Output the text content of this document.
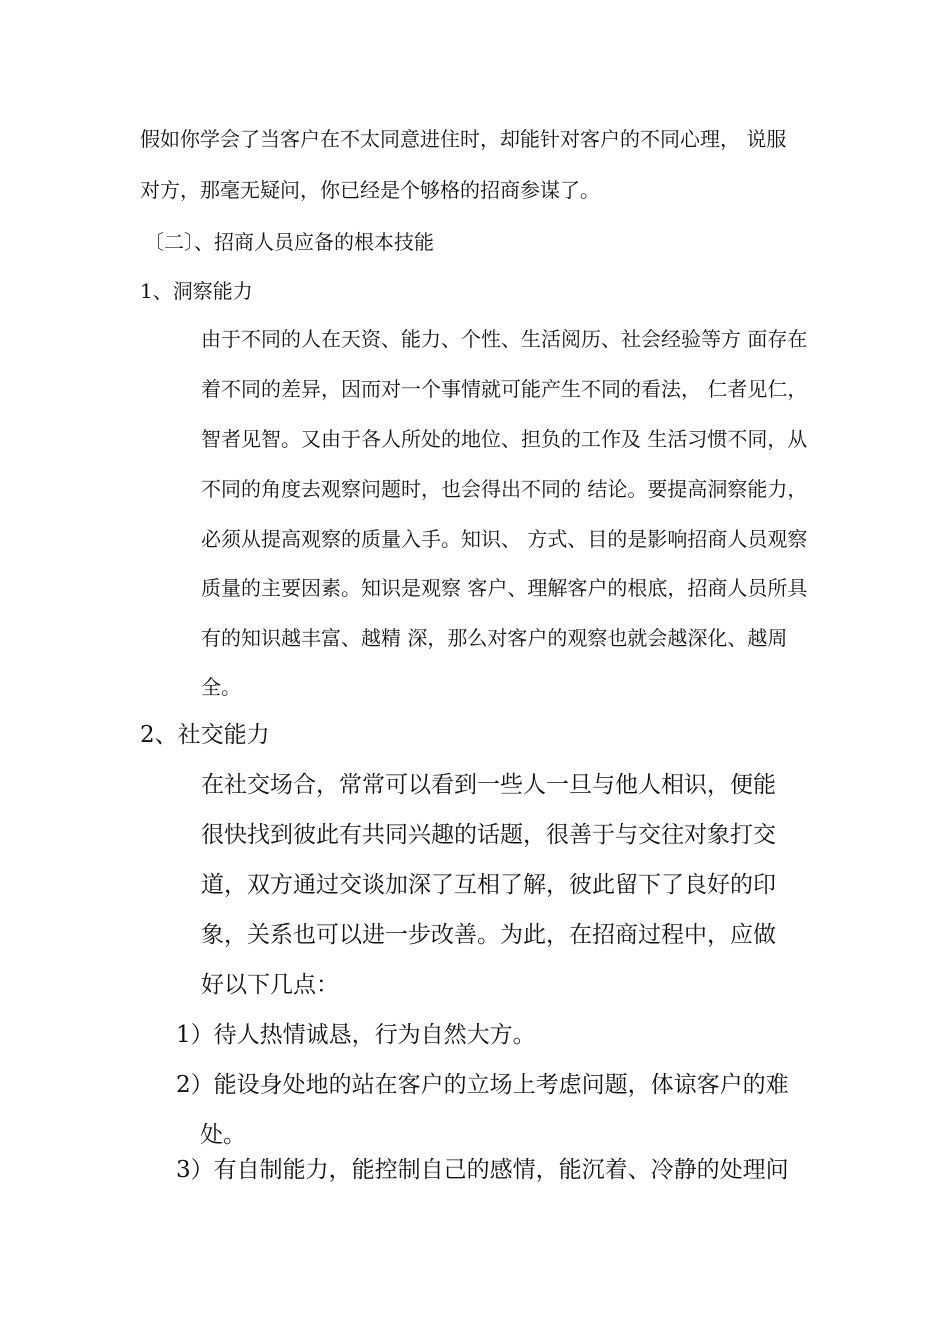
假如你学会了当客户在不太同意进住时，却能针对客户的不同心理， 说服
对方，那毫无疑问，你已经是个够格的招商参谋了。
〔二〕、招商人员应备的根本技能
1、洞察能力
由于不同的人在天资、能力、个性、生活阅历、社会经验等方 面存在
着不同的差异，因而对一个事情就可能产生不同的看法， 仁者见仁，
智者见智。又由于各人所处的地位、担负的工作及 生活习惯不同，从
不同的角度去观察问题时，也会得出不同的 结论。要提高洞察能力，
必须从提高观察的质量入手。知识、 方式、目的是影响招商人员观察
质量的主要因素。知识是观察 客户、理解客户的根底，招商人员所具
有的知识越丰富、越精 深，那么对客户的观察也就会越深化、越周
全。
2、社交能力
在社交场合，常常可以看到一些人一旦与他人相识，便能
很快找到彼此有共同兴趣的话题，很善于与交往对象打交
道，双方通过交谈加深了互相了解，彼此留下了良好的印
象，关系也可以进一步改善。为此，在招商过程中，应做
好以下几点：
1）待人热情诚恳，行为自然大方。
2）能设身处地的站在客户的立场上考虑问题，体谅客户的难
处。
3）有自制能力，能控制自己的感情，能沉着、冷静的处理问
